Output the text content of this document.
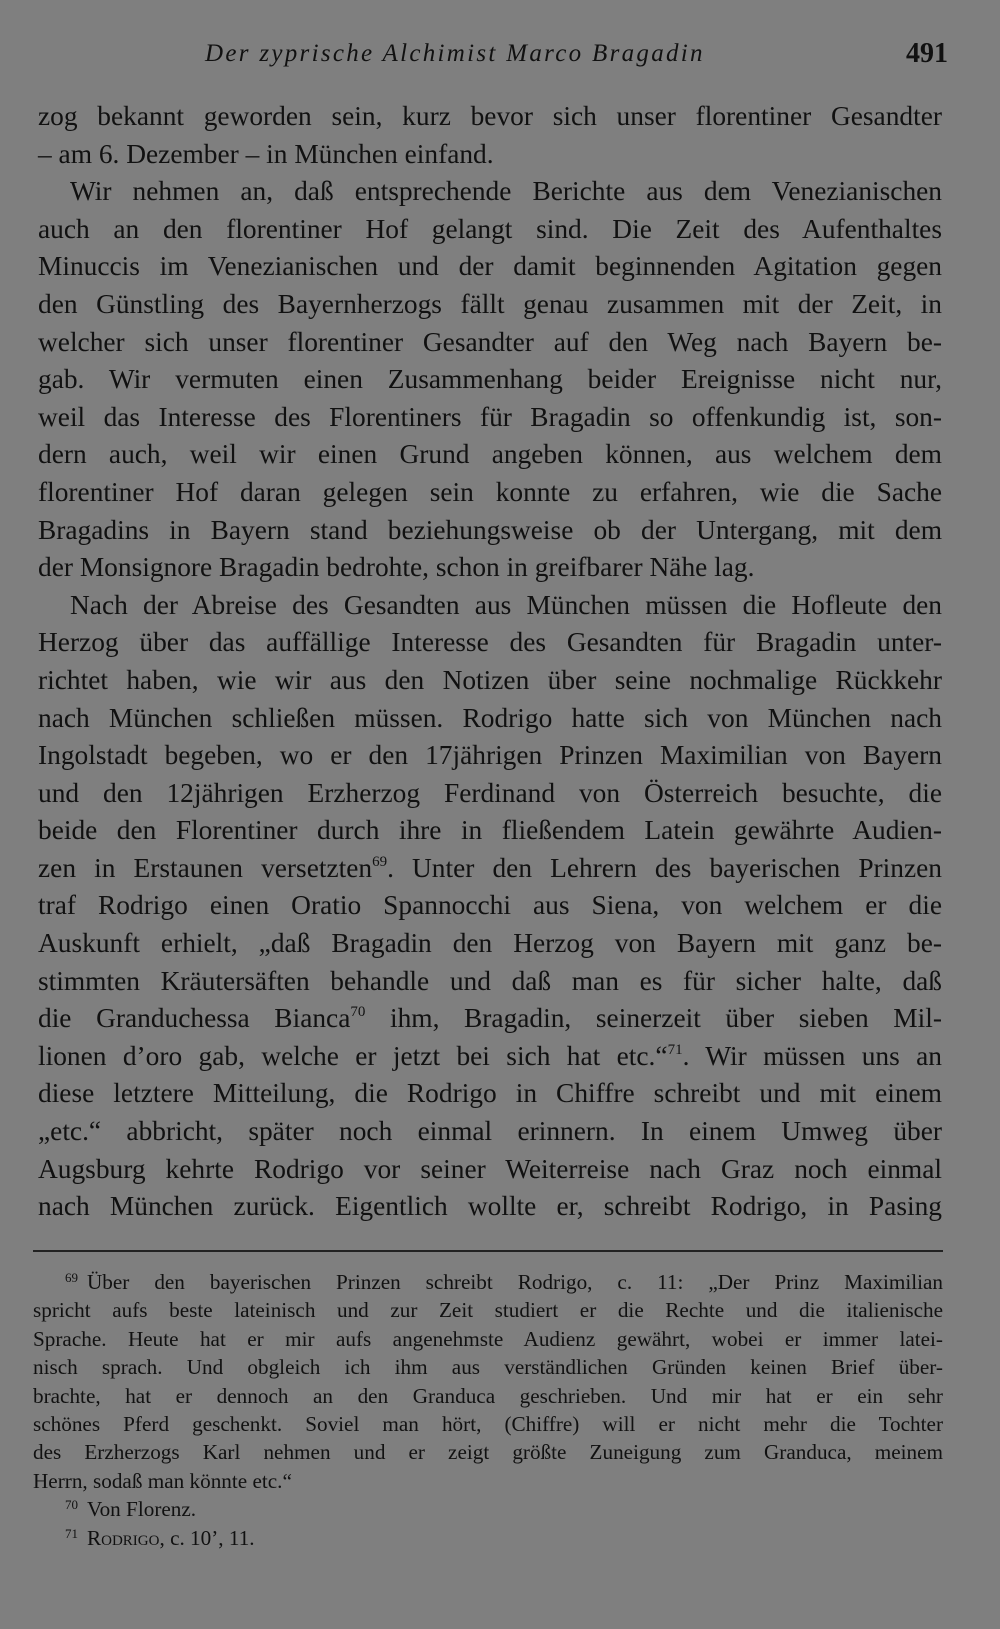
Der zyprische Alchimist Marco Bragadin	491
zog bekannt geworden sein, kurz bevor sich unser florentiner Gesandter
– am 6. Dezember – in München einfand.
Wir nehmen an, daß entsprechende Berichte aus dem Venezianischen
auch an den florentiner Hof gelangt sind. Die Zeit des Aufenthaltes
Minuccis im Venezianischen und der damit beginnenden Agitation gegen
den Günstling des Bayernherzogs fällt genau zusammen mit der Zeit, in
welcher sich unser florentiner Gesandter auf den Weg nach Bayern be-
gab. Wir vermuten einen Zusammenhang beider Ereignisse nicht nur,
weil das Interesse des Florentiners für Bragadin so offenkundig ist, son-
dern auch, weil wir einen Grund angeben können, aus welchem dem
florentiner Hof daran gelegen sein konnte zu erfahren, wie die Sache
Bragadins in Bayern stand beziehungsweise ob der Untergang, mit dem
der Monsignore Bragadin bedrohte, schon in greifbarer Nähe lag.
Nach der Abreise des Gesandten aus München müssen die Hofleute den
Herzog über das auffällige Interesse des Gesandten für Bragadin unter-
richtet haben, wie wir aus den Notizen über seine nochmalige Rückkehr
nach München schließen müssen. Rodrigo hatte sich von München nach
Ingolstadt begeben, wo er den 17jährigen Prinzen Maximilian von Bayern
und den 12jährigen Erzherzog Ferdinand von Österreich besuchte, die
beide den Florentiner durch ihre in fließendem Latein gewährte Audien-
zen in Erstaunen versetzten$^{69}$. Unter den Lehrern des bayerischen Prinzen
traf Rodrigo einen Oratio Spannocchi aus Siena, von welchem er die
Auskunft erhielt, „daß Bragadin den Herzog von Bayern mit ganz be-
stimmten Kräutersäften behandle und daß man es für sicher halte, daß
die Granduchessa Bianca$^{70}$ ihm, Bragadin, seinerzeit über sieben Mil-
lionen d’oro gab, welche er jetzt bei sich hat etc.“$^{71}$. Wir müssen uns an
diese letztere Mitteilung, die Rodrigo in Chiffre schreibt und mit einem
„etc.“ abbricht, später noch einmal erinnern. In einem Umweg über
Augsburg kehrte Rodrigo vor seiner Weiterreise nach Graz noch einmal
nach München zurück. Eigentlich wollte er, schreibt Rodrigo, in Pasing
$^{69}$ Über den bayerischen Prinzen schreibt Rodrigo, c. 11: „Der Prinz Maximilian
spricht aufs beste lateinisch und zur Zeit studiert er die Rechte und die italienische
Sprache. Heute hat er mir aufs angenehmste Audienz gewährt, wobei er immer latei-
nisch sprach. Und obgleich ich ihm aus verständlichen Gründen keinen Brief über-
brachte, hat er dennoch an den Granduca geschrieben. Und mir hat er ein sehr
schönes Pferd geschenkt. Soviel man hört, (Chiffre) will er nicht mehr die Tochter
des Erzherzogs Karl nehmen und er zeigt größte Zuneigung zum Granduca, meinem
Herrn, sodaß man könnte etc.“
$^{70}$ Von Florenz.
$^{71}$ Rodrigo, c. 10’, 11.
